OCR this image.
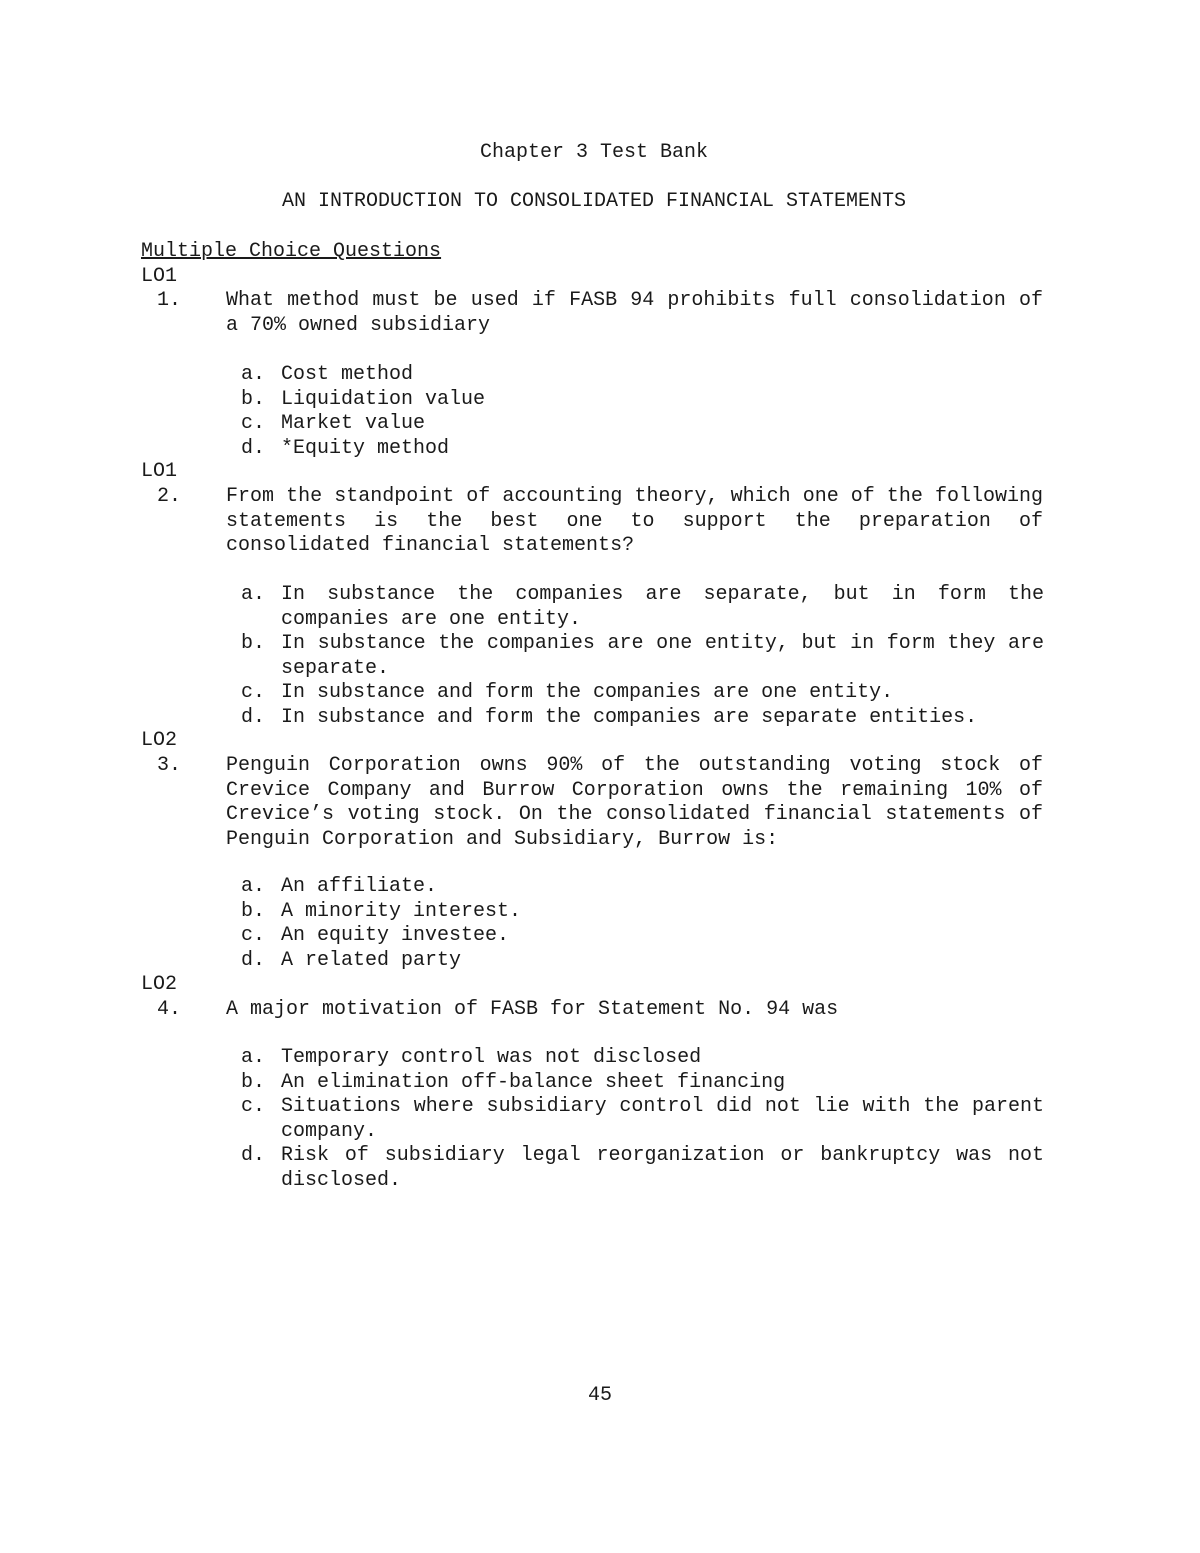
Chapter 3 Test Bank
AN INTRODUCTION TO CONSOLIDATED FINANCIAL STATEMENTS
Multiple Choice Questions
LO1
1. What method must be used if FASB 94 prohibits full consolidation of a 70% owned subsidiary
a. Cost method
b. Liquidation value
c. Market value
d. *Equity method
LO1
2. From the standpoint of accounting theory, which one of the following statements is the best one to support the preparation of consolidated financial statements?
a. In substance the companies are separate, but in form the companies are one entity.
b. In substance the companies are one entity, but in form they are separate.
c. In substance and form the companies are one entity.
d. In substance and form the companies are separate entities.
LO2
3. Penguin Corporation owns 90% of the outstanding voting stock of Crevice Company and Burrow Corporation owns the remaining 10% of Crevice’s voting stock. On the consolidated financial statements of Penguin Corporation and Subsidiary, Burrow is:
a. An affiliate.
b. A minority interest.
c. An equity investee.
d. A related party
LO2
4. A major motivation of FASB for Statement No. 94 was
a. Temporary control was not disclosed
b. An elimination off-balance sheet financing
c. Situations where subsidiary control did not lie with the parent company.
d. Risk of subsidiary legal reorganization or bankruptcy was not disclosed.
45
